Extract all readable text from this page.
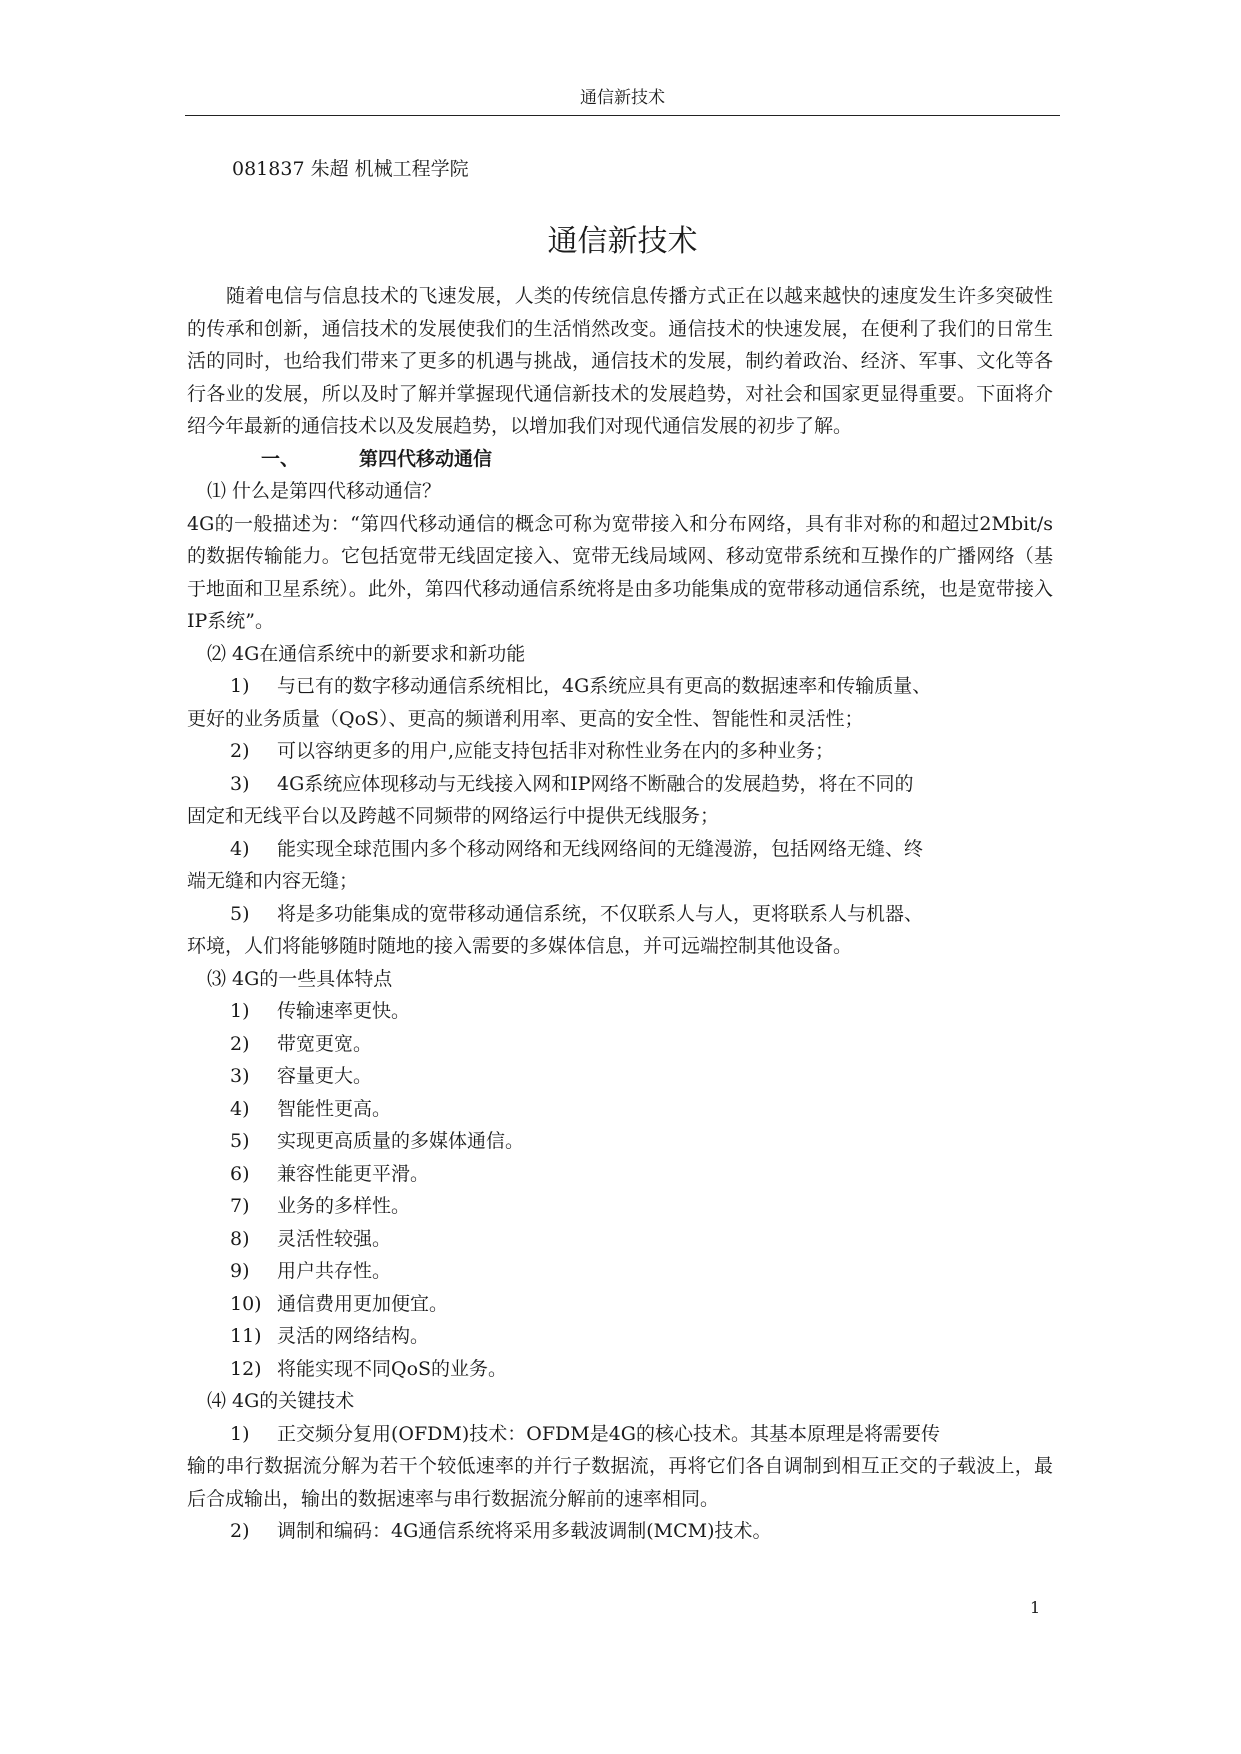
通信新技术
081837 朱超 机械工程学院
通信新技术

随着电信与信息技术的飞速发展，人类的传统信息传播方式正在以越来越快的速度发生许多突破性的传承和创新，通信技术的发展使我们的生活悄然改变。通信技术的快速发展，在便利了我们的日常生活的同时，也给我们带来了更多的机遇与挑战，通信技术的发展，制约着政治、经济、军事、文化等各行各业的发展，所以及时了解并掌握现代通信新技术的发展趋势，对社会和国家更显得重要。下面将介绍今年最新的通信技术以及发展趋势，以增加我们对现代通信发展的初步了解。

一、	第四代移动通信

⑴ 什么是第四代移动通信？

4G的一般描述为：“第四代移动通信的概念可称为宽带接入和分布网络，具有非对称的和超过2Mbit/s的数据传输能力。它包括宽带无线固定接入、宽带无线局域网、移动宽带系统和互操作的广播网络（基于地面和卫星系统）。此外，第四代移动通信系统将是由多功能集成的宽带移动通信系统，也是宽带接入IP系统”。

⑵ 4G在通信系统中的新要求和新功能

1) 与已有的数字移动通信系统相比，4G系统应具有更高的数据速率和传输质量、

更好的业务质量（QoS）、更高的频谱利用率、更高的安全性、智能性和灵活性；

2) 可以容纳更多的用户,应能支持包括非对称性业务在内的多种业务；

3) 4G系统应体现移动与无线接入网和IP网络不断融合的发展趋势，将在不同的

固定和无线平台以及跨越不同频带的网络运行中提供无线服务；

4) 能实现全球范围内多个移动网络和无线网络间的无缝漫游，包括网络无缝、终

端无缝和内容无缝；

5) 将是多功能集成的宽带移动通信系统，不仅联系人与人，更将联系人与机器、

环境，人们将能够随时随地的接入需要的多媒体信息，并可远端控制其他设备。

⑶ 4G的一些具体特点

1) 传输速率更快。

2) 带宽更宽。

3) 容量更大。

4) 智能性更高。

5) 实现更高质量的多媒体通信。

6) 兼容性能更平滑。

7) 业务的多样性。

8) 灵活性较强。

9) 用户共存性。

10) 通信费用更加便宜。

11) 灵活的网络结构。

12) 将能实现不同QoS的业务。

⑷ 4G的关键技术

1) 正交频分复用(OFDM)技术：OFDM是4G的核心技术。其基本原理是将需要传

输的串行数据流分解为若干个较低速率的并行子数据流，再将它们各自调制到相互正交的子载波上，最后合成输出，输出的数据速率与串行数据流分解前的速率相同。

2) 调制和编码：4G通信系统将采用多载波调制(MCM)技术。

1
